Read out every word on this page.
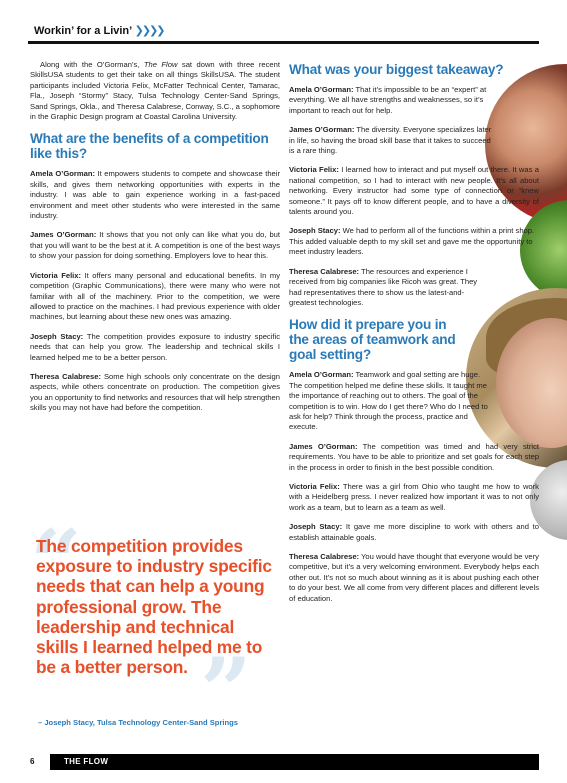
Workin’ for a Livin’ ❯❯❯❯

Along with the O’Gorman’s, The Flow sat down with three recent SkillsUSA students to get their take on all things SkillsUSA. The student participants included Victoria Felix, McFatter Technical Center, Tamarac, Fla., Joseph “Stormy” Stacy, Tulsa Technology Center-Sand Springs, Sand Springs, Okla., and Theresa Calabrese, Conway, S.C., a sophomore in the Graphic Design program at Coastal Carolina University.

What are the benefits of a competition like this?

Amela O’Gorman: It empowers students to compete and showcase their skills, and gives them networking opportunities with experts in the industry. I was able to gain experience working in a fast-paced environment and meet other students who were interested in the same industry.

James O’Gorman: It shows that you not only can like what you do, but that you will want to be the best at it. A competition is one of the best ways to show your passion for doing something. Employers love to hear this.

Victoria Felix: It offers many personal and educational benefits. In my competition (Graphic Communications), there were many who were not familiar with all of the machinery. Prior to the competition, we were allowed to practice on the machines. I had previous experience with older machines, but learning about these new ones was amazing.

Joseph Stacy: The competition provides exposure to industry specific needs that can help you grow. The leadership and technical skills I learned helped me to be a better person.

Theresa Calabrese: Some high schools only concentrate on the design aspects, while others concentrate on production. The competition gives you an opportunity to find networks and resources that will help strengthen skills you may not have had before the competition.

“
”
The competition provides exposure to industry specific needs that can help a young professional grow. The leadership and technical skills I learned helped me to be a better person.
– Joseph Stacy, Tulsa Technology Center-Sand Springs
What was your biggest takeaway?

Amela O’Gorman: That it’s impossible to be an “expert” at everything. We all have strengths and weaknesses, so it’s important to reach out for help.

James O’Gorman: The diversity. Everyone specializes later in life, so having the broad skill base that it takes to succeed is a rare thing.

Victoria Felix: I learned how to interact and put myself out there. It was a national competition, so I had to interact with new people. It’s all about networking. Every instructor had some type of connection or “knew someone.” It pays off to know different people, and to have a diversity of talents around you.

Joseph Stacy: We had to perform all of the functions within a print shop. This added valuable depth to my skill set and gave me the opportunity to meet industry leaders.

Theresa Calabrese: The resources and experience I received from big companies like Ricoh was great. They had representatives there to show us the latest-and-greatest technologies.

How did it prepare you in the areas of teamwork and goal setting?

Amela O’Gorman: Teamwork and goal setting are huge. The competition helped me define these skills. It taught me the importance of reaching out to others. The goal of the competition is to win. How do I get there? Who do I need to ask for help? Think through the process, practice and execute.

James O’Gorman: The competition was timed and had very strict requirements. You have to be able to prioritize and set goals for each step in the process in order to finish in the best possible condition.

Victoria Felix: There was a girl from Ohio who taught me how to work with a Heidelberg press. I never realized how important it was to not only work as a team, but to learn as a team as well.

Joseph Stacy: It gave me more discipline to work with others and to establish attainable goals.

Theresa Calabrese: You would have thought that everyone would be very competitive, but it’s a very welcoming environment. Everybody helps each other out. It’s not so much about winning as it is about pushing each other to do your best. We all come from very different places and different levels of education.

6	THE FLOW
